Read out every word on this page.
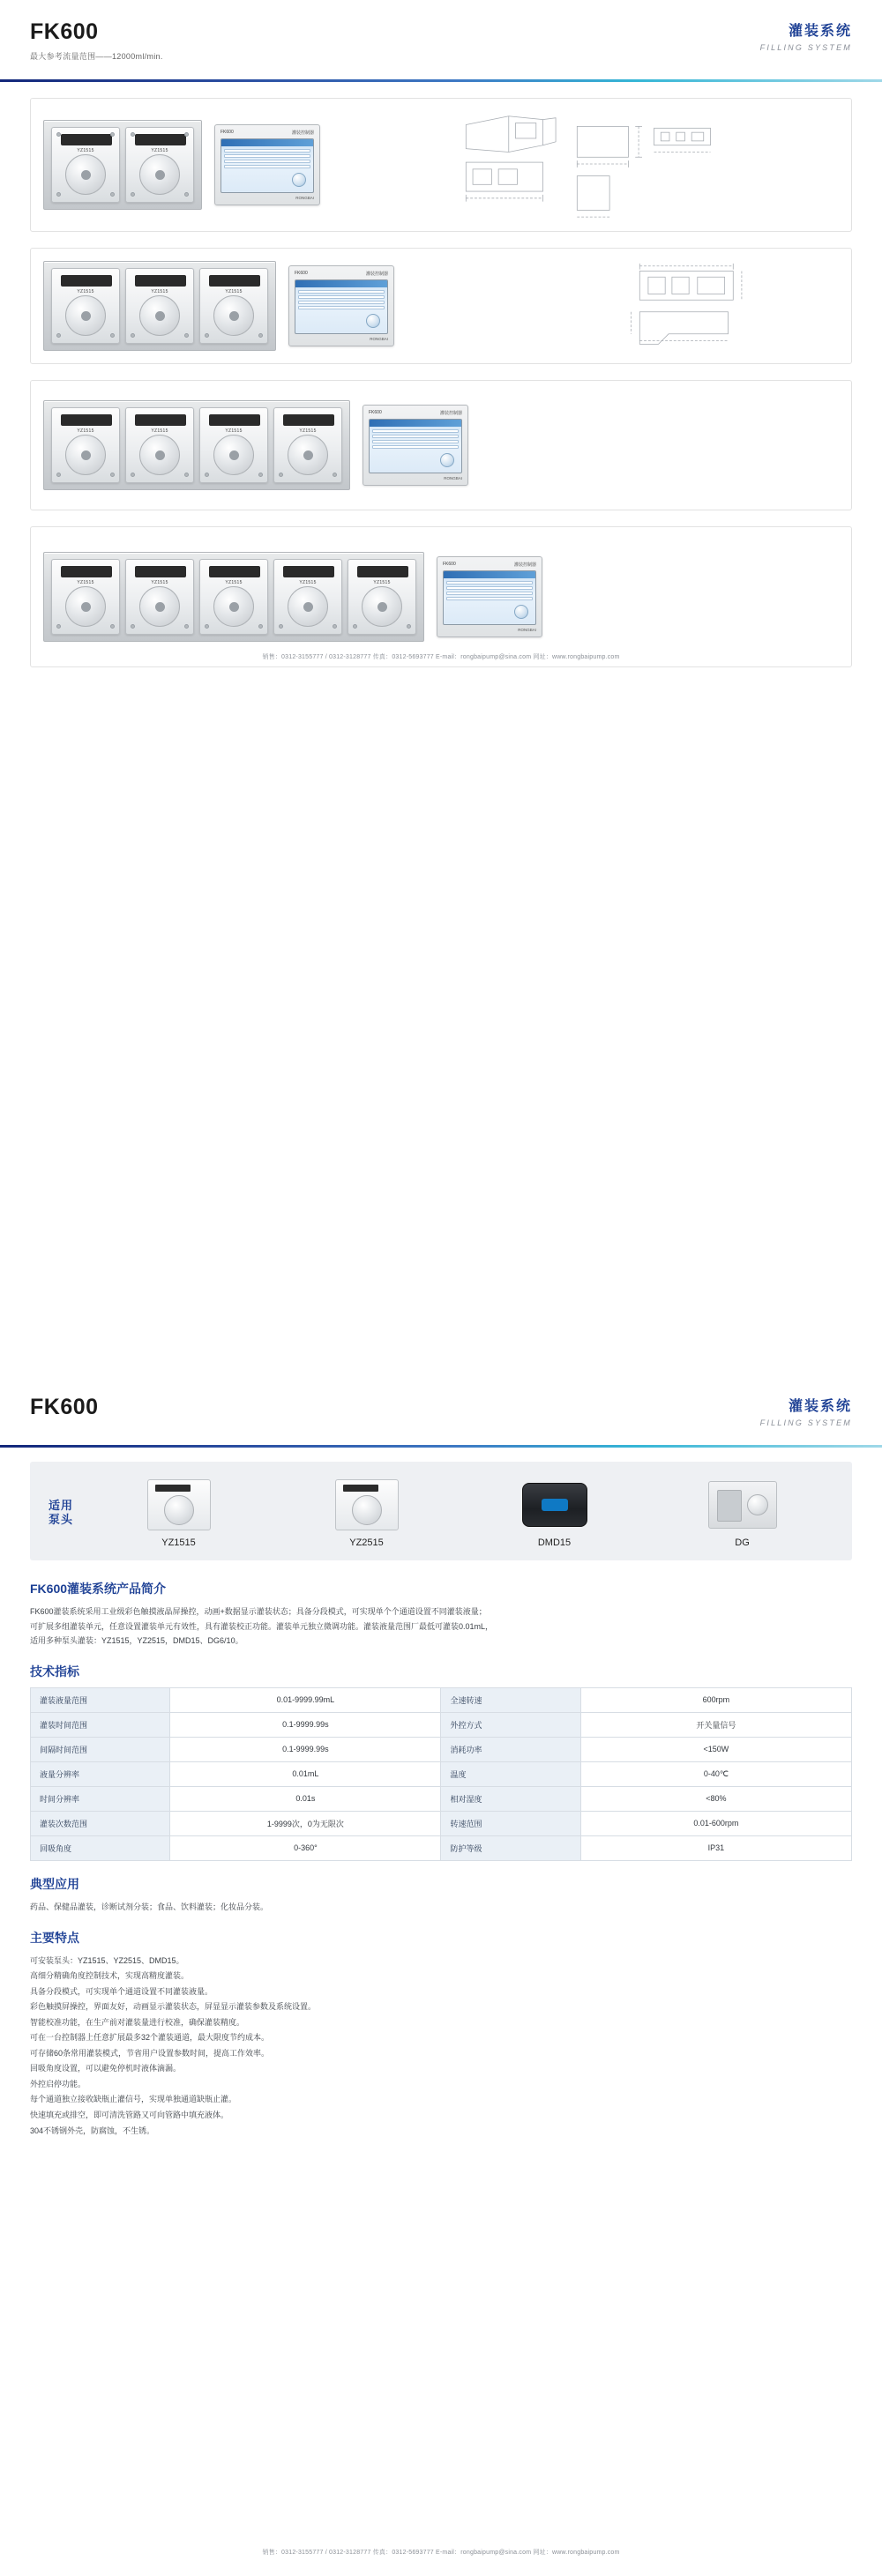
FK600
最大参考流量范围——12000ml/min.
灌装系统
FILLING SYSTEM
YZ1515	YZ1515
FK600	灌装控制器
RONGBAI
YZ1515	YZ1515	YZ1515
FK600	灌装控制器
RONGBAI
YZ1515	YZ1515	YZ1515	YZ1515
FK600	灌装控制器
RONGBAI
YZ1515	YZ1515	YZ1515	YZ1515	YZ1515
FK600	灌装控制器
RONGBAI
销售：0312-3155777 / 0312-3128777 传真：0312-5693777 E-mail：rongbaipump@sina.com 网址：www.rongbaipump.com
FK600	灌装系统
FILLING SYSTEM
适用泵头
YZ1515	YZ2515	DMD15	DG
FK600灌装系统产品简介

FK600灌装系统采用工业级彩色触摸液晶屏操控，动画+数据显示灌装状态；具备分段模式，可实现单个个通道设置不同灌装液量；

可扩展多组灌装单元，任意设置灌装单元有效性，具有灌装校正功能。灌装单元独立微调功能。灌装液量范围厂最低可灌装0.01mL，

适用多种泵头灌装：YZ1515，YZ2515，DMD15、DG6/10。

技术指标
灌装液量范围	0.01-9999.99mL	全速转速	600rpm
灌装时间范围	0.1-9999.99s	外控方式	开关量信号
间隔时间范围	0.1-9999.99s	消耗功率	<150W
液量分辨率	0.01mL	温度	0-40℃
时间分辨率	0.01s	相对湿度	<80%
灌装次数范围	1-9999次，0为无限次	转速范围	0.01-600rpm
回吸角度	0-360°	防护等级	IP31
典型应用

药品、保健品灌装，诊断试剂分装；食品、饮料灌装；化妆品分装。

主要特点
可安装泵头：YZ1515、YZ2515、DMD15。
高细分精确角度控制技术，实现高精度灌装。
具备分段模式，可实现单个通道设置不同灌装液量。
彩色触摸屏操控，界面友好，动画显示灌装状态，屏显显示灌装参数及系统设置。
智能校准功能，在生产前对灌装量进行校准，确保灌装精度。
可在一台控制器上任意扩展最多32个灌装通道，最大限度节约成本。
可存储60条常用灌装模式，节省用户设置参数时间，提高工作效率。
回吸角度设置，可以避免停机时液体滴漏。
外控启停功能。
每个通道独立接收缺瓶止灌信号，实现单独通道缺瓶止灌。
快速填充或排空，即可清洗管路又可向管路中填充液体。
304不锈钢外壳，防腐蚀，不生锈。
销售：0312-3155777 / 0312-3128777 传真：0312-5693777 E-mail：rongbaipump@sina.com 网址：www.rongbaipump.com
